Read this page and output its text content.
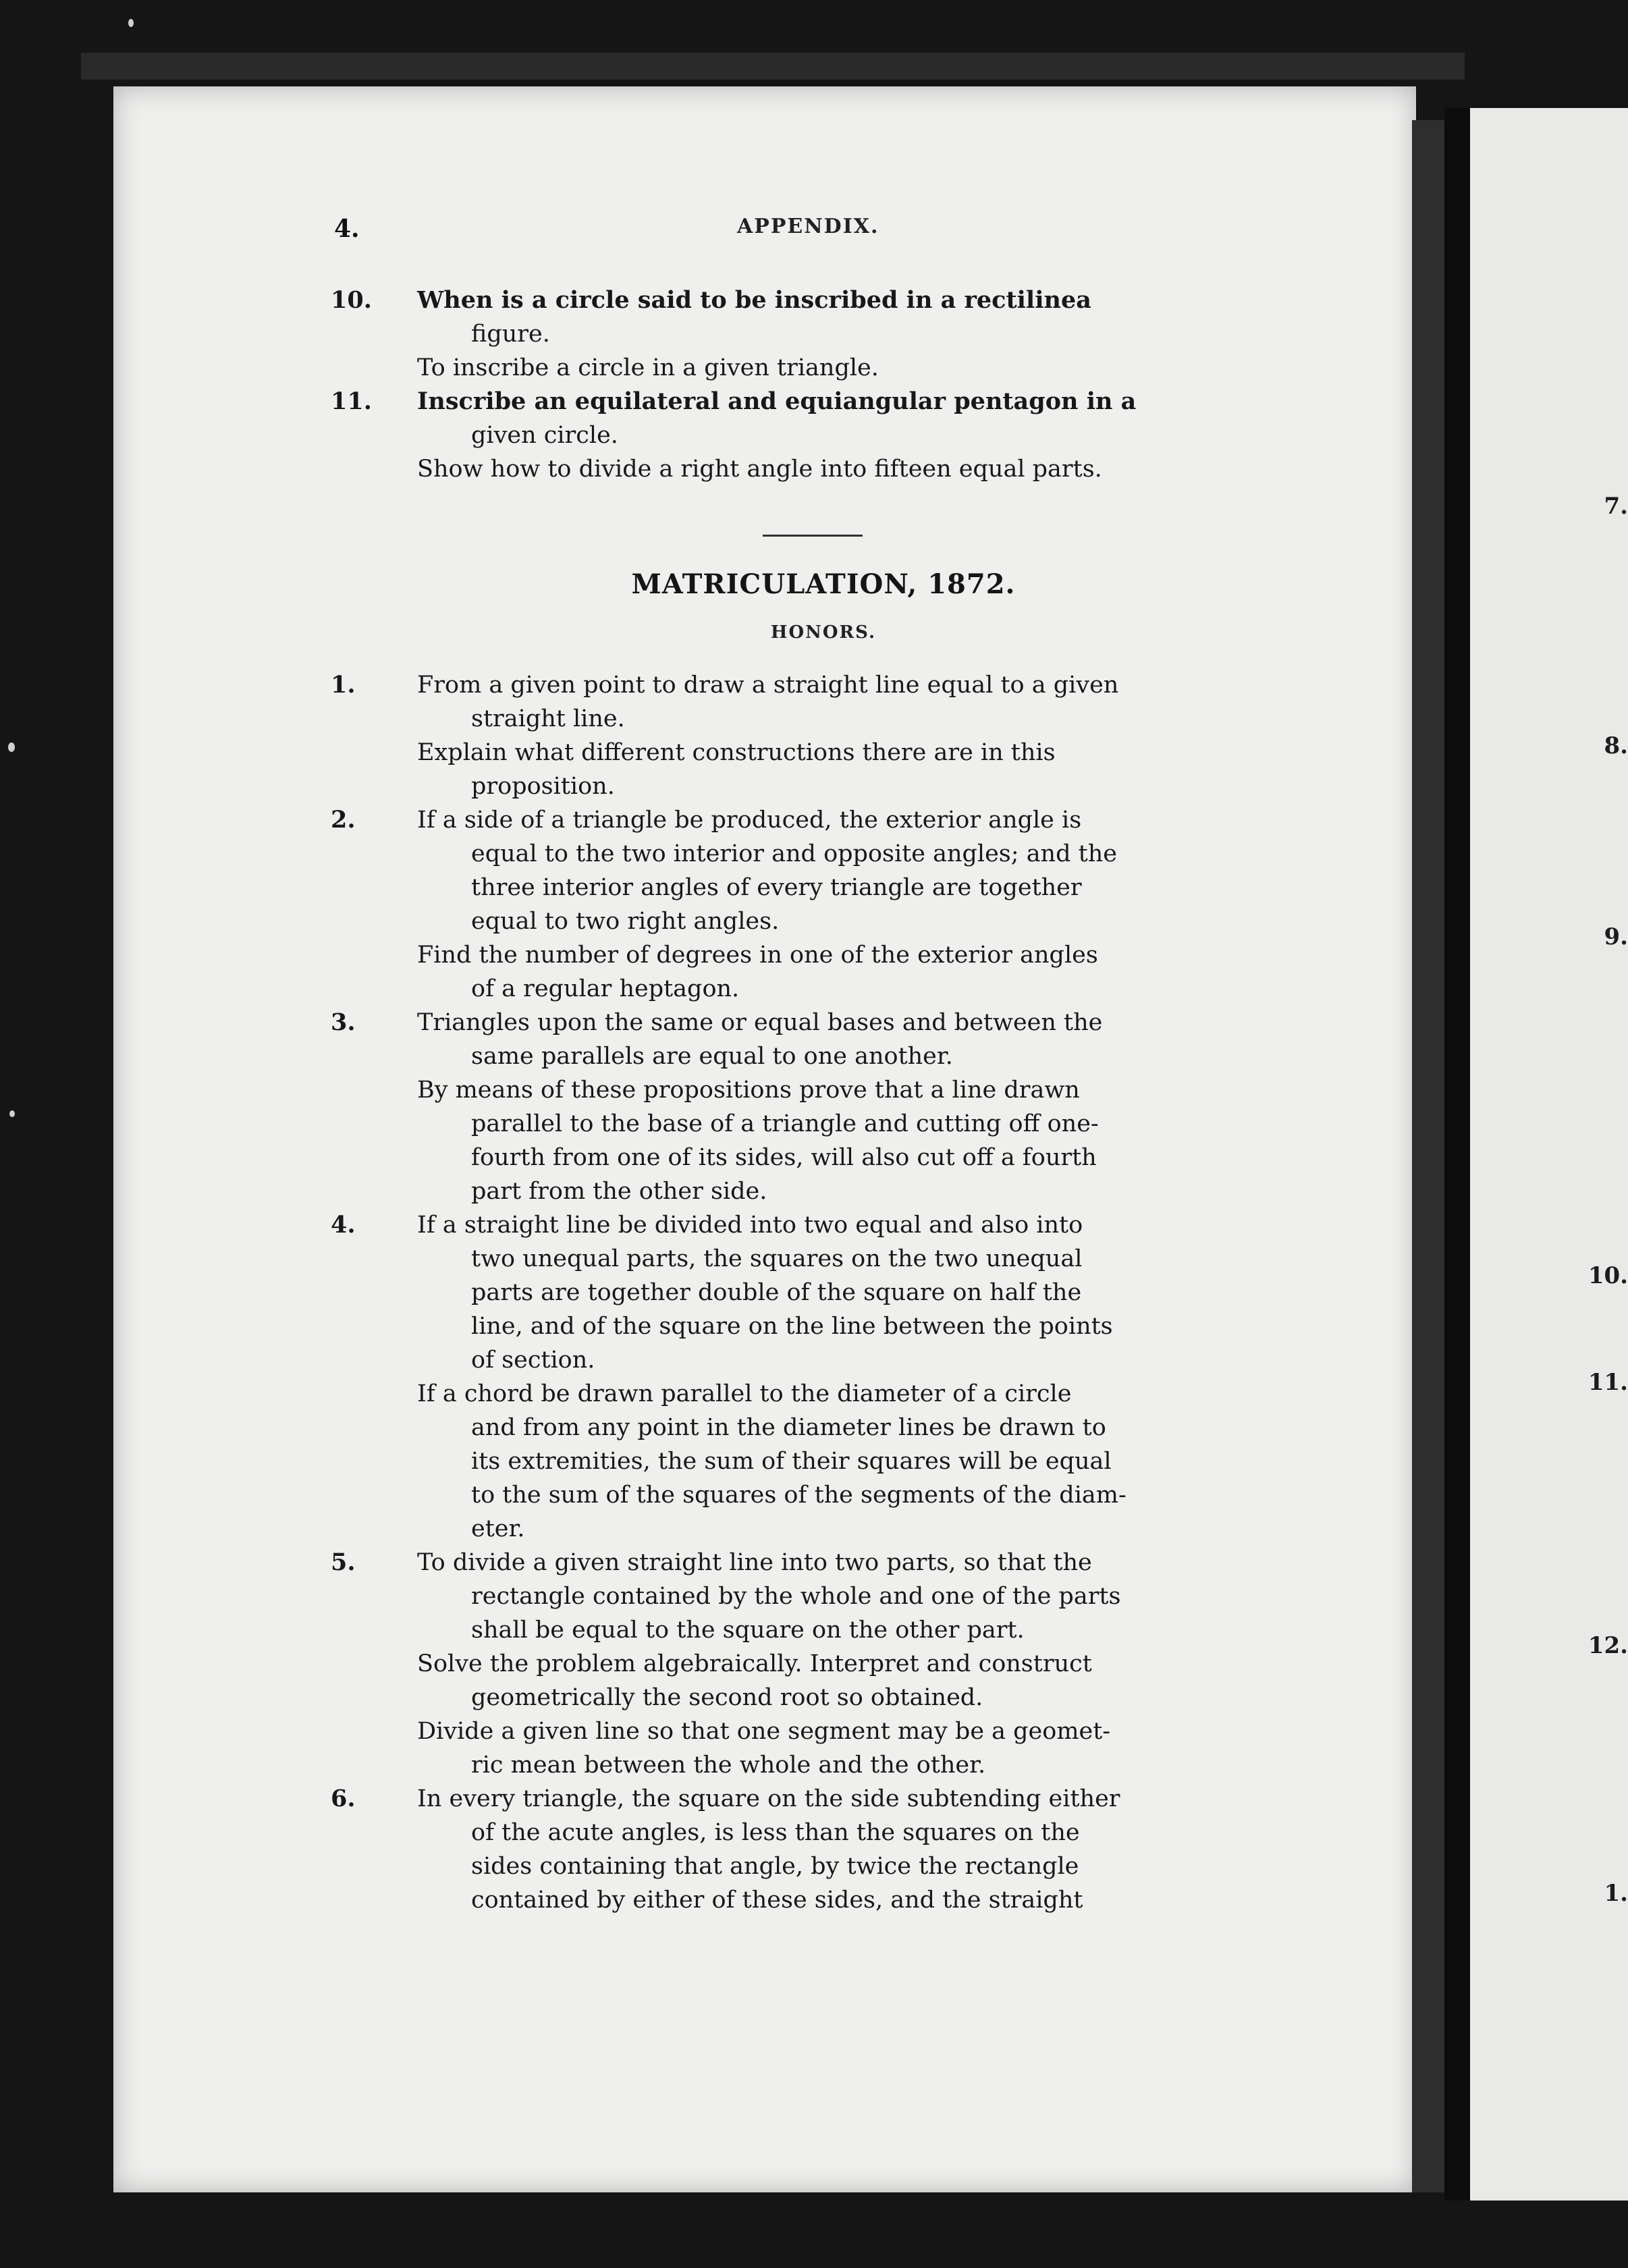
7.
8.
9.
10.
11.
12.
1.
4.	APPENDIX.
10.	When is a circle said to be inscribed in a rectilinea
figure.
To inscribe a circle in a given triangle.
11.	Inscribe an equilateral and equiangular pentagon in a
given circle.
Show how to divide a right angle into fifteen equal parts.
MATRICULATION, 1872.
HONORS.
1.	From a given point to draw a straight line equal to a given
straight line.
Explain what different constructions there are in this
proposition.
2.	If a side of a triangle be produced, the exterior angle is
equal to the two interior and opposite angles; and the
three interior angles of every triangle are together
equal to two right angles.
Find the number of degrees in one of the exterior angles
of a regular heptagon.
3.	Triangles upon the same or equal bases and between the
same parallels are equal to one another.
By means of these propositions prove that a line drawn
parallel to the base of a triangle and cutting off one-
fourth from one of its sides, will also cut off a fourth
part from the other side.
4.	If a straight line be divided into two equal and also into
two unequal parts, the squares on the two unequal
parts are together double of the square on half the
line, and of the square on the line between the points
of section.
If a chord be drawn parallel to the diameter of a circle
and from any point in the diameter lines be drawn to
its extremities, the sum of their squares will be equal
to the sum of the squares of the segments of the diam-
eter.
5.	To divide a given straight line into two parts, so that the
rectangle contained by the whole and one of the parts
shall be equal to the square on the other part.
Solve the problem algebraically. Interpret and construct
geometrically the second root so obtained.
Divide a given line so that one segment may be a geomet-
ric mean between the whole and the other.
6.	In every triangle, the square on the side subtending either
of the acute angles, is less than the squares on the
sides containing that angle, by twice the rectangle
contained by either of these sides, and the straight
